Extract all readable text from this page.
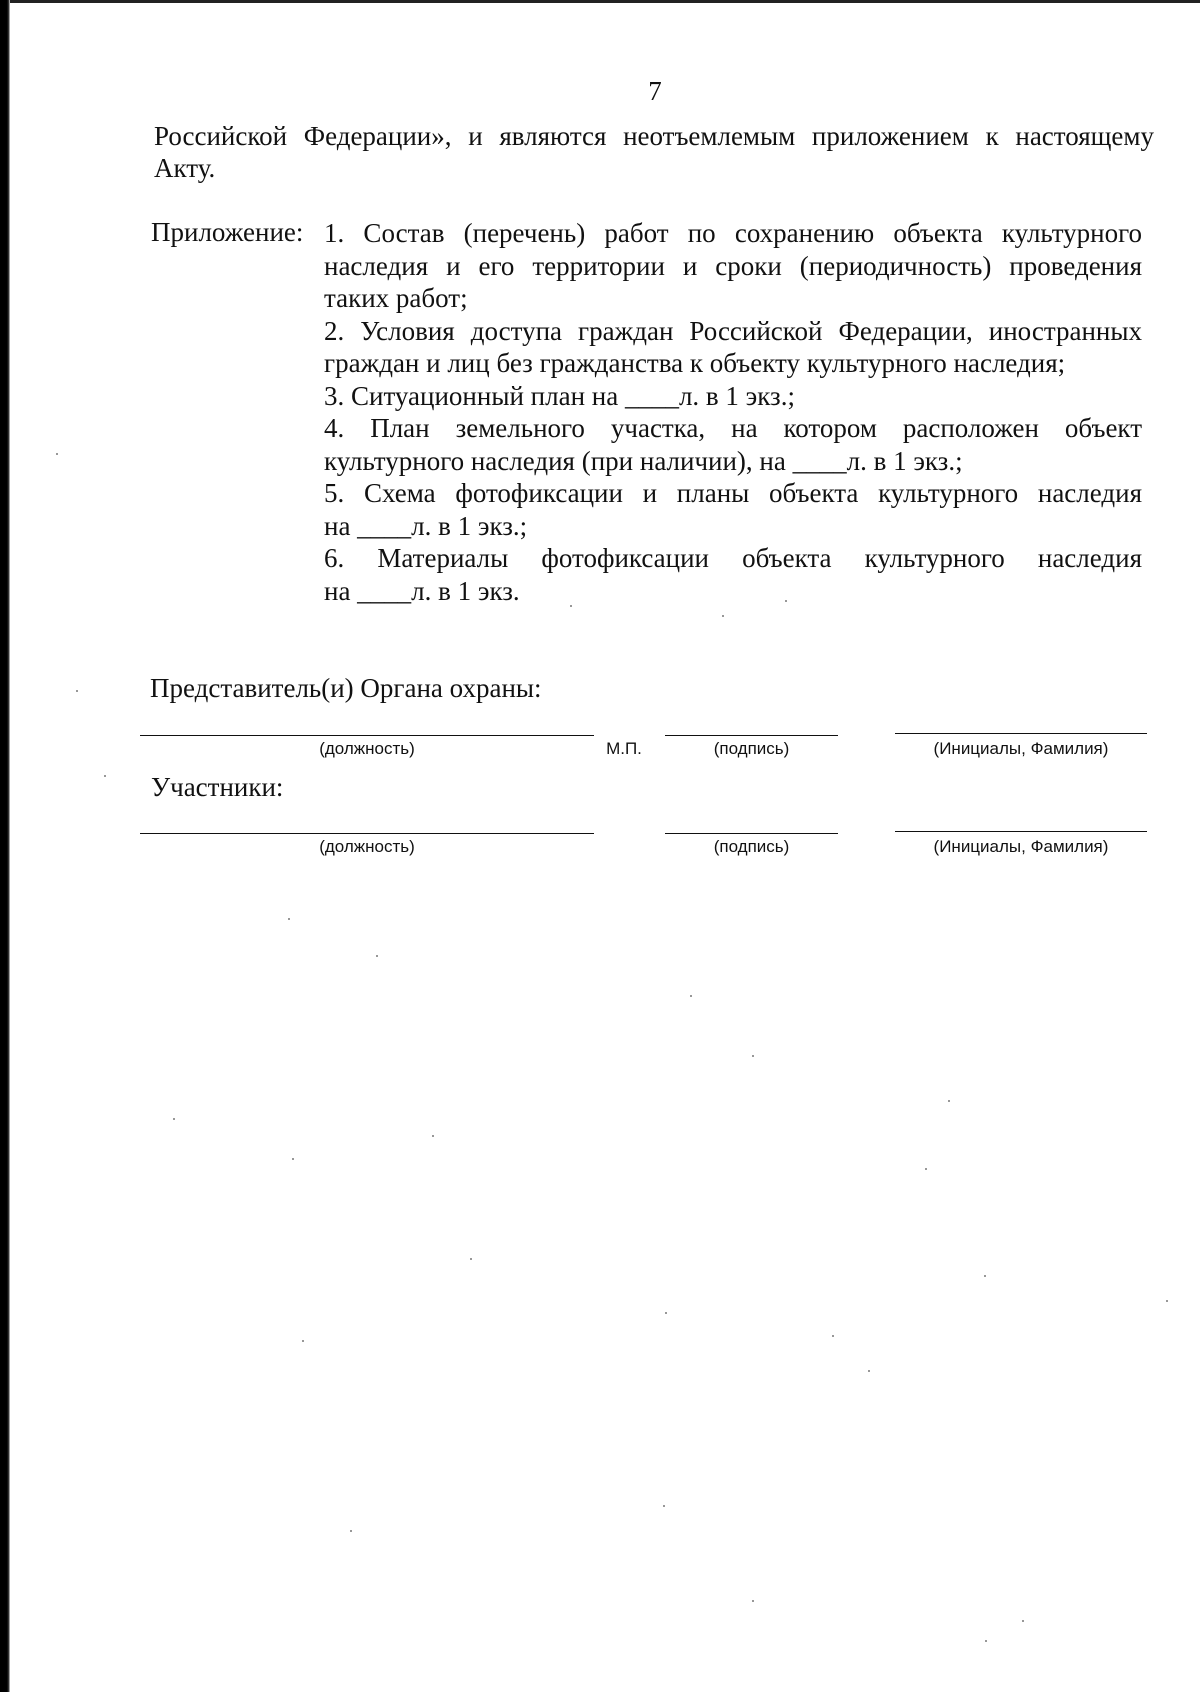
7
Российской Федерации», и являются неотъемлемым приложением к настоящему
Акту.
Приложение: 1. Состав (перечень) работ по сохранению объекта культурного
наследия и его территории и сроки (периодичность) проведения
таких работ;
2. Условия доступа граждан Российской Федерации, иностранных
граждан и лиц без гражданства к объекту культурного наследия;
3. Ситуационный план на ____л. в 1 экз.;
4. План земельного участка, на котором расположен объект
культурного наследия (при наличии), на ____л. в 1 экз.;
5. Схема фотофиксации и планы объекта культурного наследия
на ____л. в 1 экз.;
6. Материалы фотофиксации объекта культурного наследия
на ____л. в 1 экз.
Представитель(и) Органа охраны:
(должность)	М.П.	(подпись)	(Инициалы, Фамилия)
Участники:
(должность)	(подпись)	(Инициалы, Фамилия)
